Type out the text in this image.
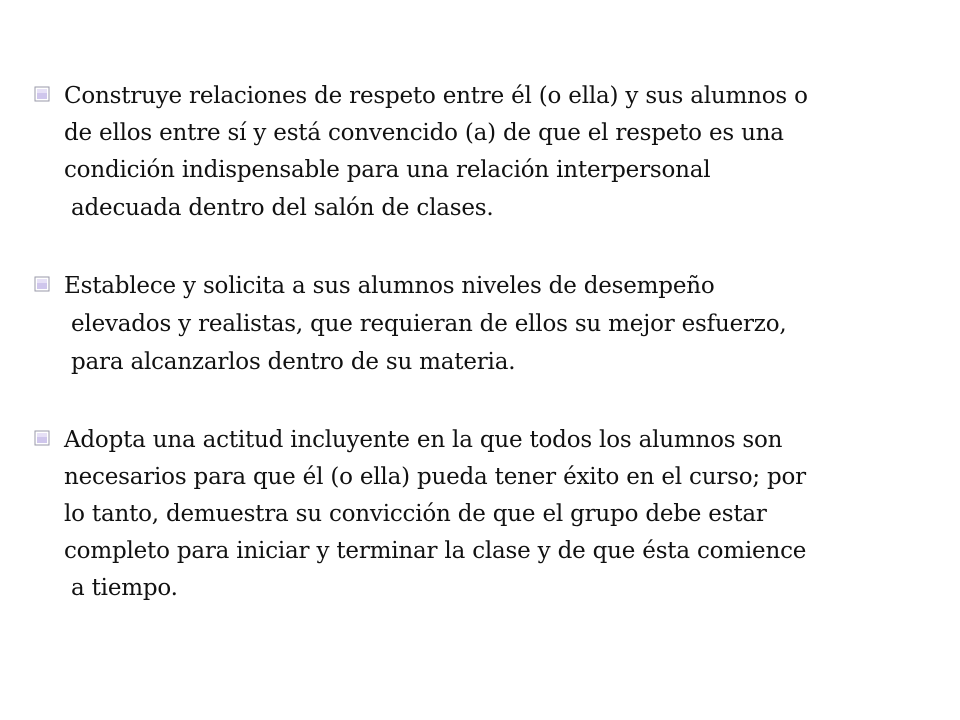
Construye relaciones de respeto entre él (o ella) y sus alumnos o
de ellos entre sí y está convencido (a) de que el respeto es una
condición indispensable para una relación interpersonal
adecuada dentro del salón de clases.
Establece y solicita a sus alumnos niveles de desempeño
elevados y realistas, que requieran de ellos su mejor esfuerzo,
para alcanzarlos dentro de su materia.
Adopta una actitud incluyente en la que todos los alumnos son
necesarios para que él (o ella) pueda tener éxito en el curso; por
lo tanto, demuestra su convicción de que el grupo debe estar
completo para iniciar y terminar la clase y de que ésta comience
a tiempo.
